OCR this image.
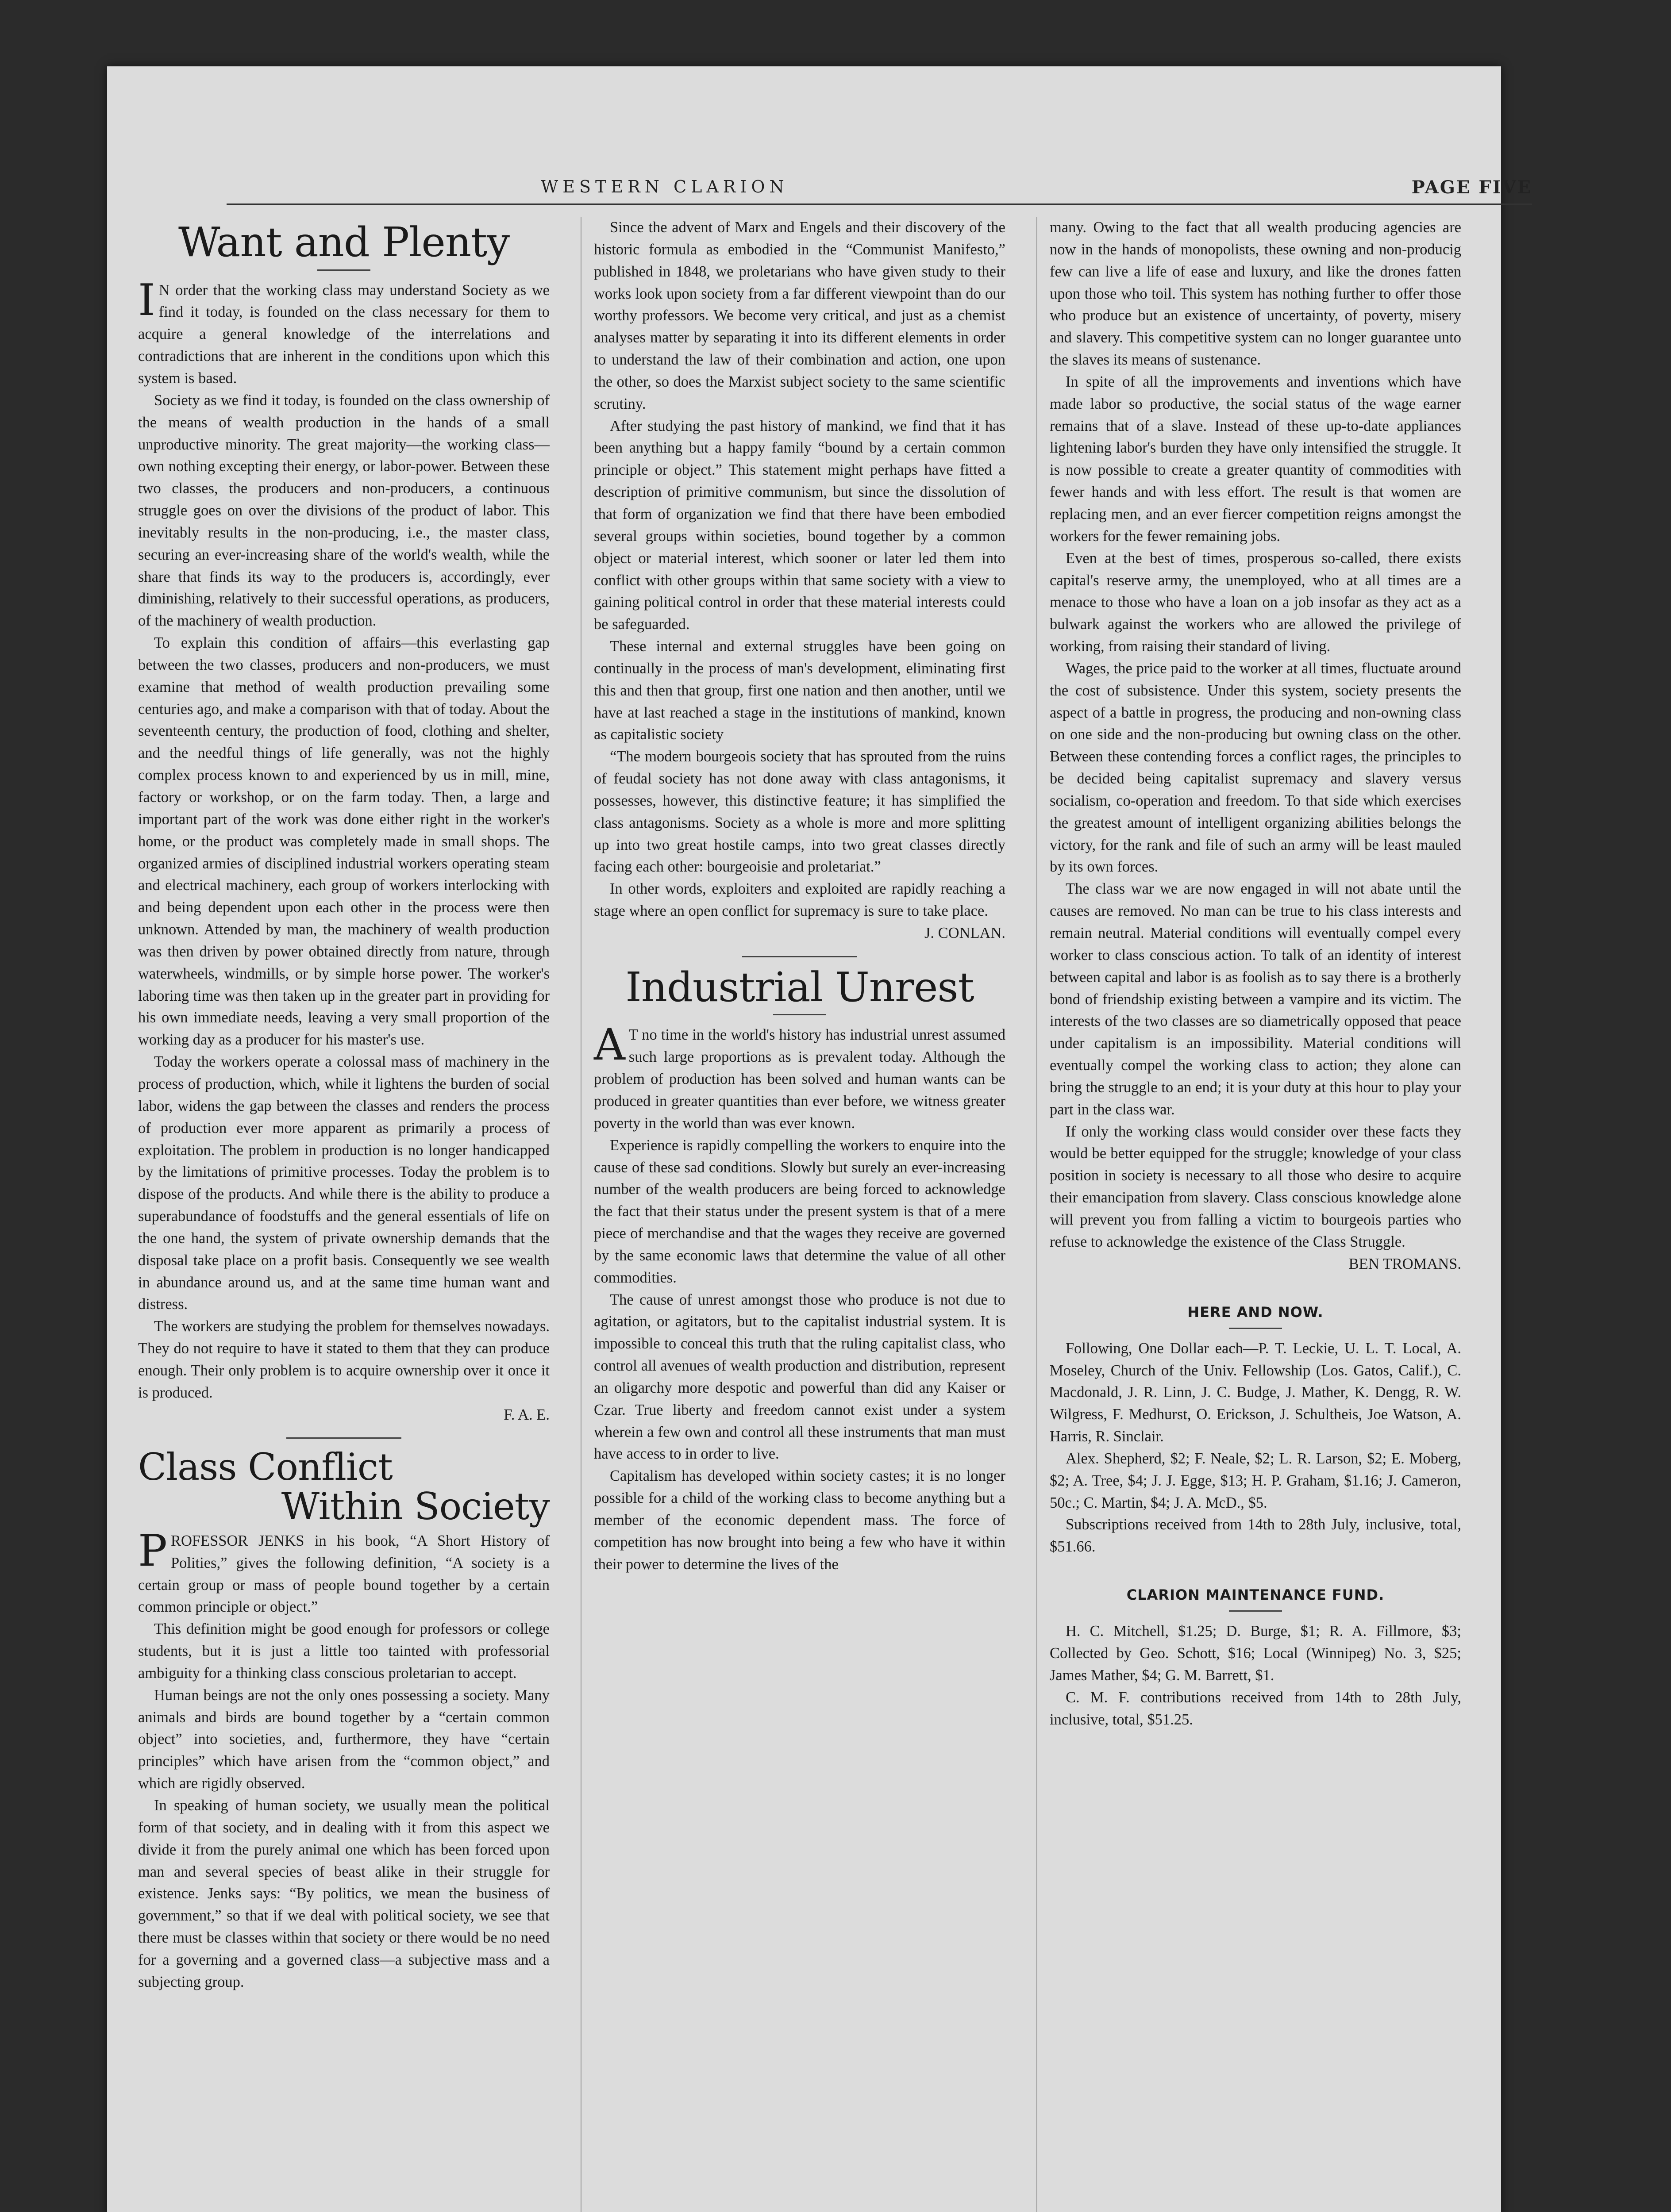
WESTERN CLARION	PAGE FIVE
Want and Plenty

I N order that the working class may understand Society as we find it today, is founded on the class necessary for them to acquire a general knowledge of the interrelations and contradictions that are inherent in the conditions upon which this system is based.

Society as we find it today, is founded on the class ownership of the means of wealth production in the hands of a small unproductive minority. The great majority—the working class—own nothing excepting their energy, or labor-power. Between these two classes, the producers and non-producers, a continuous struggle goes on over the divisions of the product of labor. This inevitably results in the non-producing, i.e., the master class, securing an ever-increasing share of the world's wealth, while the share that finds its way to the producers is, accordingly, ever diminishing, relatively to their successful operations, as producers, of the machinery of wealth production.

To explain this condition of affairs—this everlasting gap between the two classes, producers and non-producers, we must examine that method of wealth production prevailing some centuries ago, and make a comparison with that of today. About the seventeenth century, the production of food, clothing and shelter, and the needful things of life generally, was not the highly complex process known to and experienced by us in mill, mine, factory or workshop, or on the farm today. Then, a large and important part of the work was done either right in the worker's home, or the product was completely made in small shops. The organized armies of disciplined industrial workers operating steam and electrical machinery, each group of workers interlocking with and being dependent upon each other in the process were then unknown. Attended by man, the machinery of wealth production was then driven by power obtained directly from nature, through waterwheels, windmills, or by simple horse power. The worker's laboring time was then taken up in the greater part in providing for his own immediate needs, leaving a very small proportion of the working day as a producer for his master's use.

Today the workers operate a colossal mass of machinery in the process of production, which, while it lightens the burden of social labor, widens the gap between the classes and renders the process of production ever more apparent as primarily a process of exploitation. The problem in production is no longer handicapped by the limitations of primitive processes. Today the problem is to dispose of the products. And while there is the ability to produce a superabundance of foodstuffs and the general essentials of life on the one hand, the system of private ownership demands that the disposal take place on a profit basis. Consequently we see wealth in abundance around us, and at the same time human want and distress.

The workers are studying the problem for themselves nowadays. They do not require to have it stated to them that they can produce enough. Their only problem is to acquire ownership over it once it is produced.

F. A. E.

Class Conflict
Within Society

PROFESSOR JENKS in his book, “A Short History of Polities,” gives the following definition, “A society is a certain group or mass of people bound together by a certain common principle or object.”

This definition might be good enough for professors or college students, but it is just a little too tainted with professorial ambiguity for a thinking class conscious proletarian to accept.

Human beings are not the only ones possessing a society. Many animals and birds are bound together by a “certain common object” into societies, and, furthermore, they have “certain principles” which have arisen from the “common object,” and which are rigidly observed.

In speaking of human society, we usually mean the political form of that society, and in dealing with it from this aspect we divide it from the purely animal one which has been forced upon man and several species of beast alike in their struggle for existence. Jenks says: “By politics, we mean the business of government,” so that if we deal with political society, we see that there must be classes within that society or there would be no need for a governing and a governed class—a subjective mass and a subjecting group.

Since the advent of Marx and Engels and their discovery of the historic formula as embodied in the “Communist Manifesto,” published in 1848, we proletarians who have given study to their works look upon society from a far different viewpoint than do our worthy professors. We become very critical, and just as a chemist analyses matter by separating it into its different elements in order to understand the law of their combination and action, one upon the other, so does the Marxist subject society to the same scientific scrutiny.

After studying the past history of mankind, we find that it has been anything but a happy family “bound by a certain common principle or object.” This statement might perhaps have fitted a description of primitive communism, but since the dissolution of that form of organization we find that there have been embodied several groups within societies, bound together by a common object or material interest, which sooner or later led them into conflict with other groups within that same society with a view to gaining political control in order that these material interests could be safeguarded.

These internal and external struggles have been going on continually in the process of man's development, eliminating first this and then that group, first one nation and then another, until we have at last reached a stage in the institutions of mankind, known as capitalistic society

“The modern bourgeois society that has sprouted from the ruins of feudal society has not done away with class antagonisms, it possesses, however, this distinctive feature; it has simplified the class antagonisms. Society as a whole is more and more splitting up into two great hostile camps, into two great classes directly facing each other: bourgeoisie and proletariat.”

In other words, exploiters and exploited are rapidly reaching a stage where an open conflict for supremacy is sure to take place.

J. CONLAN.

Industrial Unrest

A T no time in the world's history has industrial unrest assumed such large proportions as is prevalent today. Although the problem of production has been solved and human wants can be produced in greater quantities than ever before, we witness greater poverty in the world than was ever known.

Experience is rapidly compelling the workers to enquire into the cause of these sad conditions. Slowly but surely an ever-increasing number of the wealth producers are being forced to acknowledge the fact that their status under the present system is that of a mere piece of merchandise and that the wages they receive are governed by the same economic laws that determine the value of all other commodities.

The cause of unrest amongst those who produce is not due to agitation, or agitators, but to the capitalist industrial system. It is impossible to conceal this truth that the ruling capitalist class, who control all avenues of wealth production and distribution, represent an oligarchy more despotic and powerful than did any Kaiser or Czar. True liberty and freedom cannot exist under a system wherein a few own and control all these instruments that man must have access to in order to live.

Capitalism has developed within society castes; it is no longer possible for a child of the working class to become anything but a member of the economic dependent mass. The force of competition has now brought into being a few who have it within their power to determine the lives of the

many. Owing to the fact that all wealth producing agencies are now in the hands of monopolists, these owning and non-producig few can live a life of ease and luxury, and like the drones fatten upon those who toil. This system has nothing further to offer those who produce but an existence of uncertainty, of poverty, misery and slavery. This competitive system can no longer guarantee unto the slaves its means of sustenance.

In spite of all the improvements and inventions which have made labor so productive, the social status of the wage earner remains that of a slave. Instead of these up-to-date appliances lightening labor's burden they have only intensified the struggle. It is now possible to create a greater quantity of commodities with fewer hands and with less effort. The result is that women are replacing men, and an ever fiercer competition reigns amongst the workers for the fewer remaining jobs.

Even at the best of times, prosperous so-called, there exists capital's reserve army, the unemployed, who at all times are a menace to those who have a loan on a job insofar as they act as a bulwark against the workers who are allowed the privilege of working, from raising their standard of living.

Wages, the price paid to the worker at all times, fluctuate around the cost of subsistence. Under this system, society presents the aspect of a battle in progress, the producing and non-owning class on one side and the non-producing but owning class on the other. Between these contending forces a conflict rages, the principles to be decided being capitalist supremacy and slavery versus socialism, co-operation and freedom. To that side which exercises the greatest amount of intelligent organizing abilities belongs the victory, for the rank and file of such an army will be least mauled by its own forces.

The class war we are now engaged in will not abate until the causes are removed. No man can be true to his class interests and remain neutral. Material conditions will eventually compel every worker to class conscious action. To talk of an identity of interest between capital and labor is as foolish as to say there is a brotherly bond of friendship existing between a vampire and its victim. The interests of the two classes are so diametrically opposed that peace under capitalism is an impossibility. Material conditions will eventually compel the working class to action; they alone can bring the struggle to an end; it is your duty at this hour to play your part in the class war.

If only the working class would consider over these facts they would be better equipped for the struggle; knowledge of your class position in society is necessary to all those who desire to acquire their emancipation from slavery. Class conscious knowledge alone will prevent you from falling a victim to bourgeois parties who refuse to acknowledge the existence of the Class Struggle.

BEN TROMANS.

HERE AND NOW.

Following, One Dollar each—P. T. Leckie, U. L. T. Local, A. Moseley, Church of the Univ. Fellowship (Los. Gatos, Calif.), C. Macdonald, J. R. Linn, J. C. Budge, J. Mather, K. Dengg, R. W. Wilgress, F. Medhurst, O. Erickson, J. Schultheis, Joe Watson, A. Harris, R. Sinclair.

Alex. Shepherd, $2; F. Neale, $2; L. R. Larson, $2; E. Moberg, $2; A. Tree, $4; J. J. Egge, $13; H. P. Graham, $1.16; J. Cameron, 50c.; C. Martin, $4; J. A. McD., $5.

Subscriptions received from 14th to 28th July, inclusive, total, $51.66.

CLARION MAINTENANCE FUND.

H. C. Mitchell, $1.25; D. Burge, $1; R. A. Fillmore, $3; Collected by Geo. Schott, $16; Local (Winnipeg) No. 3, $25; James Mather, $4; G. M. Barrett, $1.

C. M. F. contributions received from 14th to 28th July, inclusive, total, $51.25.
